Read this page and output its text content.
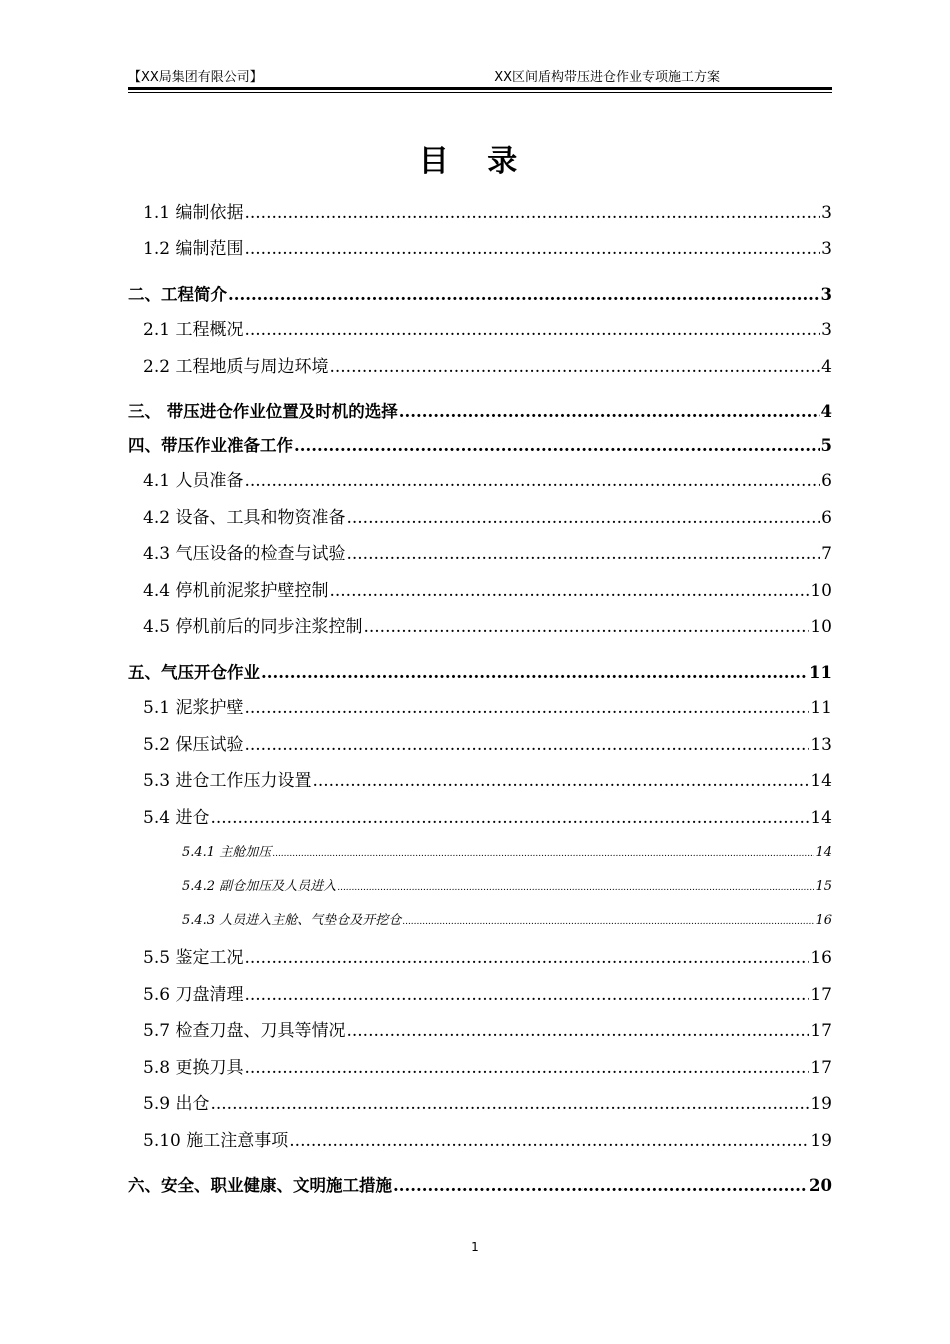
【XX局集团有限公司】	XX区间盾构带压进仓作业专项施工方案
目 录
1.1 编制依据 .....	3
1.2 编制范围 .....	3
二、工程简介 .....	3
2.1 工程概况 .....	3
2.2 工程地质与周边环境 .....	4
三、 带压进仓作业位置及时机的选择 .....	4
四、带压作业准备工作 .....	5
4.1 人员准备 .....	6
4.2 设备、工具和物资准备 .....	6
4.3 气压设备的检查与试验 .....	7
4.4 停机前泥浆护壁控制 .....	10
4.5 停机前后的同步注浆控制 .....	10
五、气压开仓作业 .....	11
5.1 泥浆护壁 .....	11
5.2 保压试验 .....	13
5.3 进仓工作压力设置 .....	14
5.4 进仓 .....	14
5.4.1 主舱加压 .....	14
5.4.2 副仓加压及人员进入 .....	15
5.4.3 人员进入主舱、气垫仓及开挖仓 .....	16
5.5 鉴定工况 .....	16
5.6 刀盘清理 .....	17
5.7 检查刀盘、刀具等情况 .....	17
5.8 更换刀具 .....	17
5.9 出仓 .....	19
5.10 施工注意事项 .....	19
六、安全、职业健康、文明施工措施 .....	20
1
